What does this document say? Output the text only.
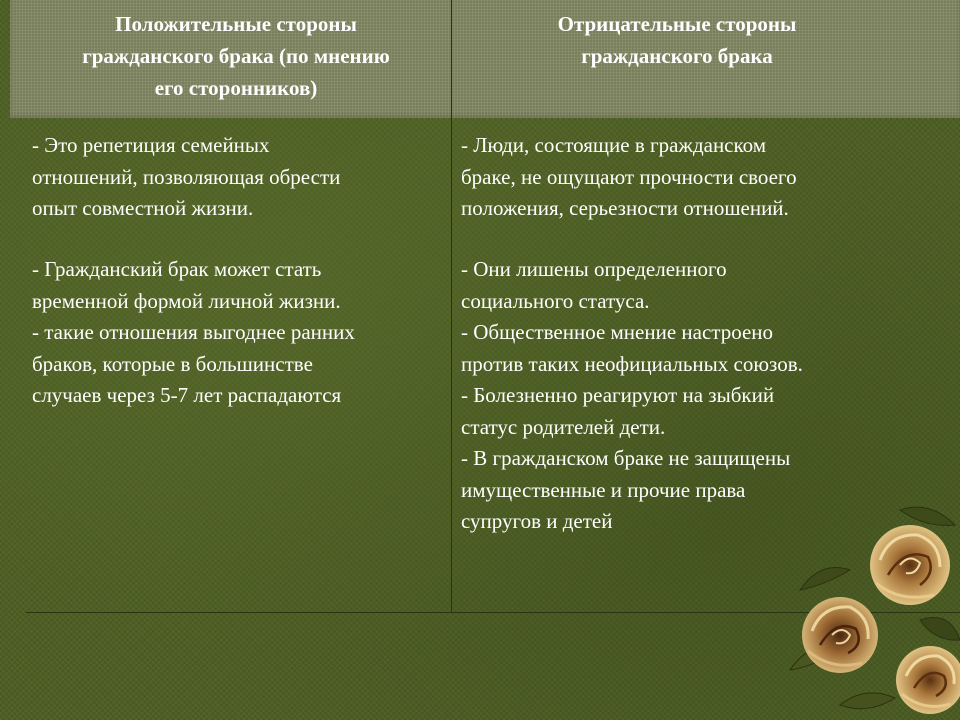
Положительные стороны
гражданского брака (по мнению
его сторонников)
Отрицательные стороны
гражданского брака
- Это репетиция семейных
отношений, позволяющая обрести
опыт совместной жизни.
- Гражданский брак может стать
временной формой личной жизни.
- такие отношения выгоднее ранних
браков, которые в большинстве
случаев через 5-7 лет распадаются
- Люди, состоящие в гражданском
браке, не ощущают прочности своего
положения, серьезности отношений.
- Они лишены определенного
социального статуса.
- Общественное мнение настроено
против таких неофициальных союзов.
- Болезненно реагируют на зыбкий
статус родителей дети.
- В гражданском браке не защищены
имущественные и прочие права
супругов и детей
